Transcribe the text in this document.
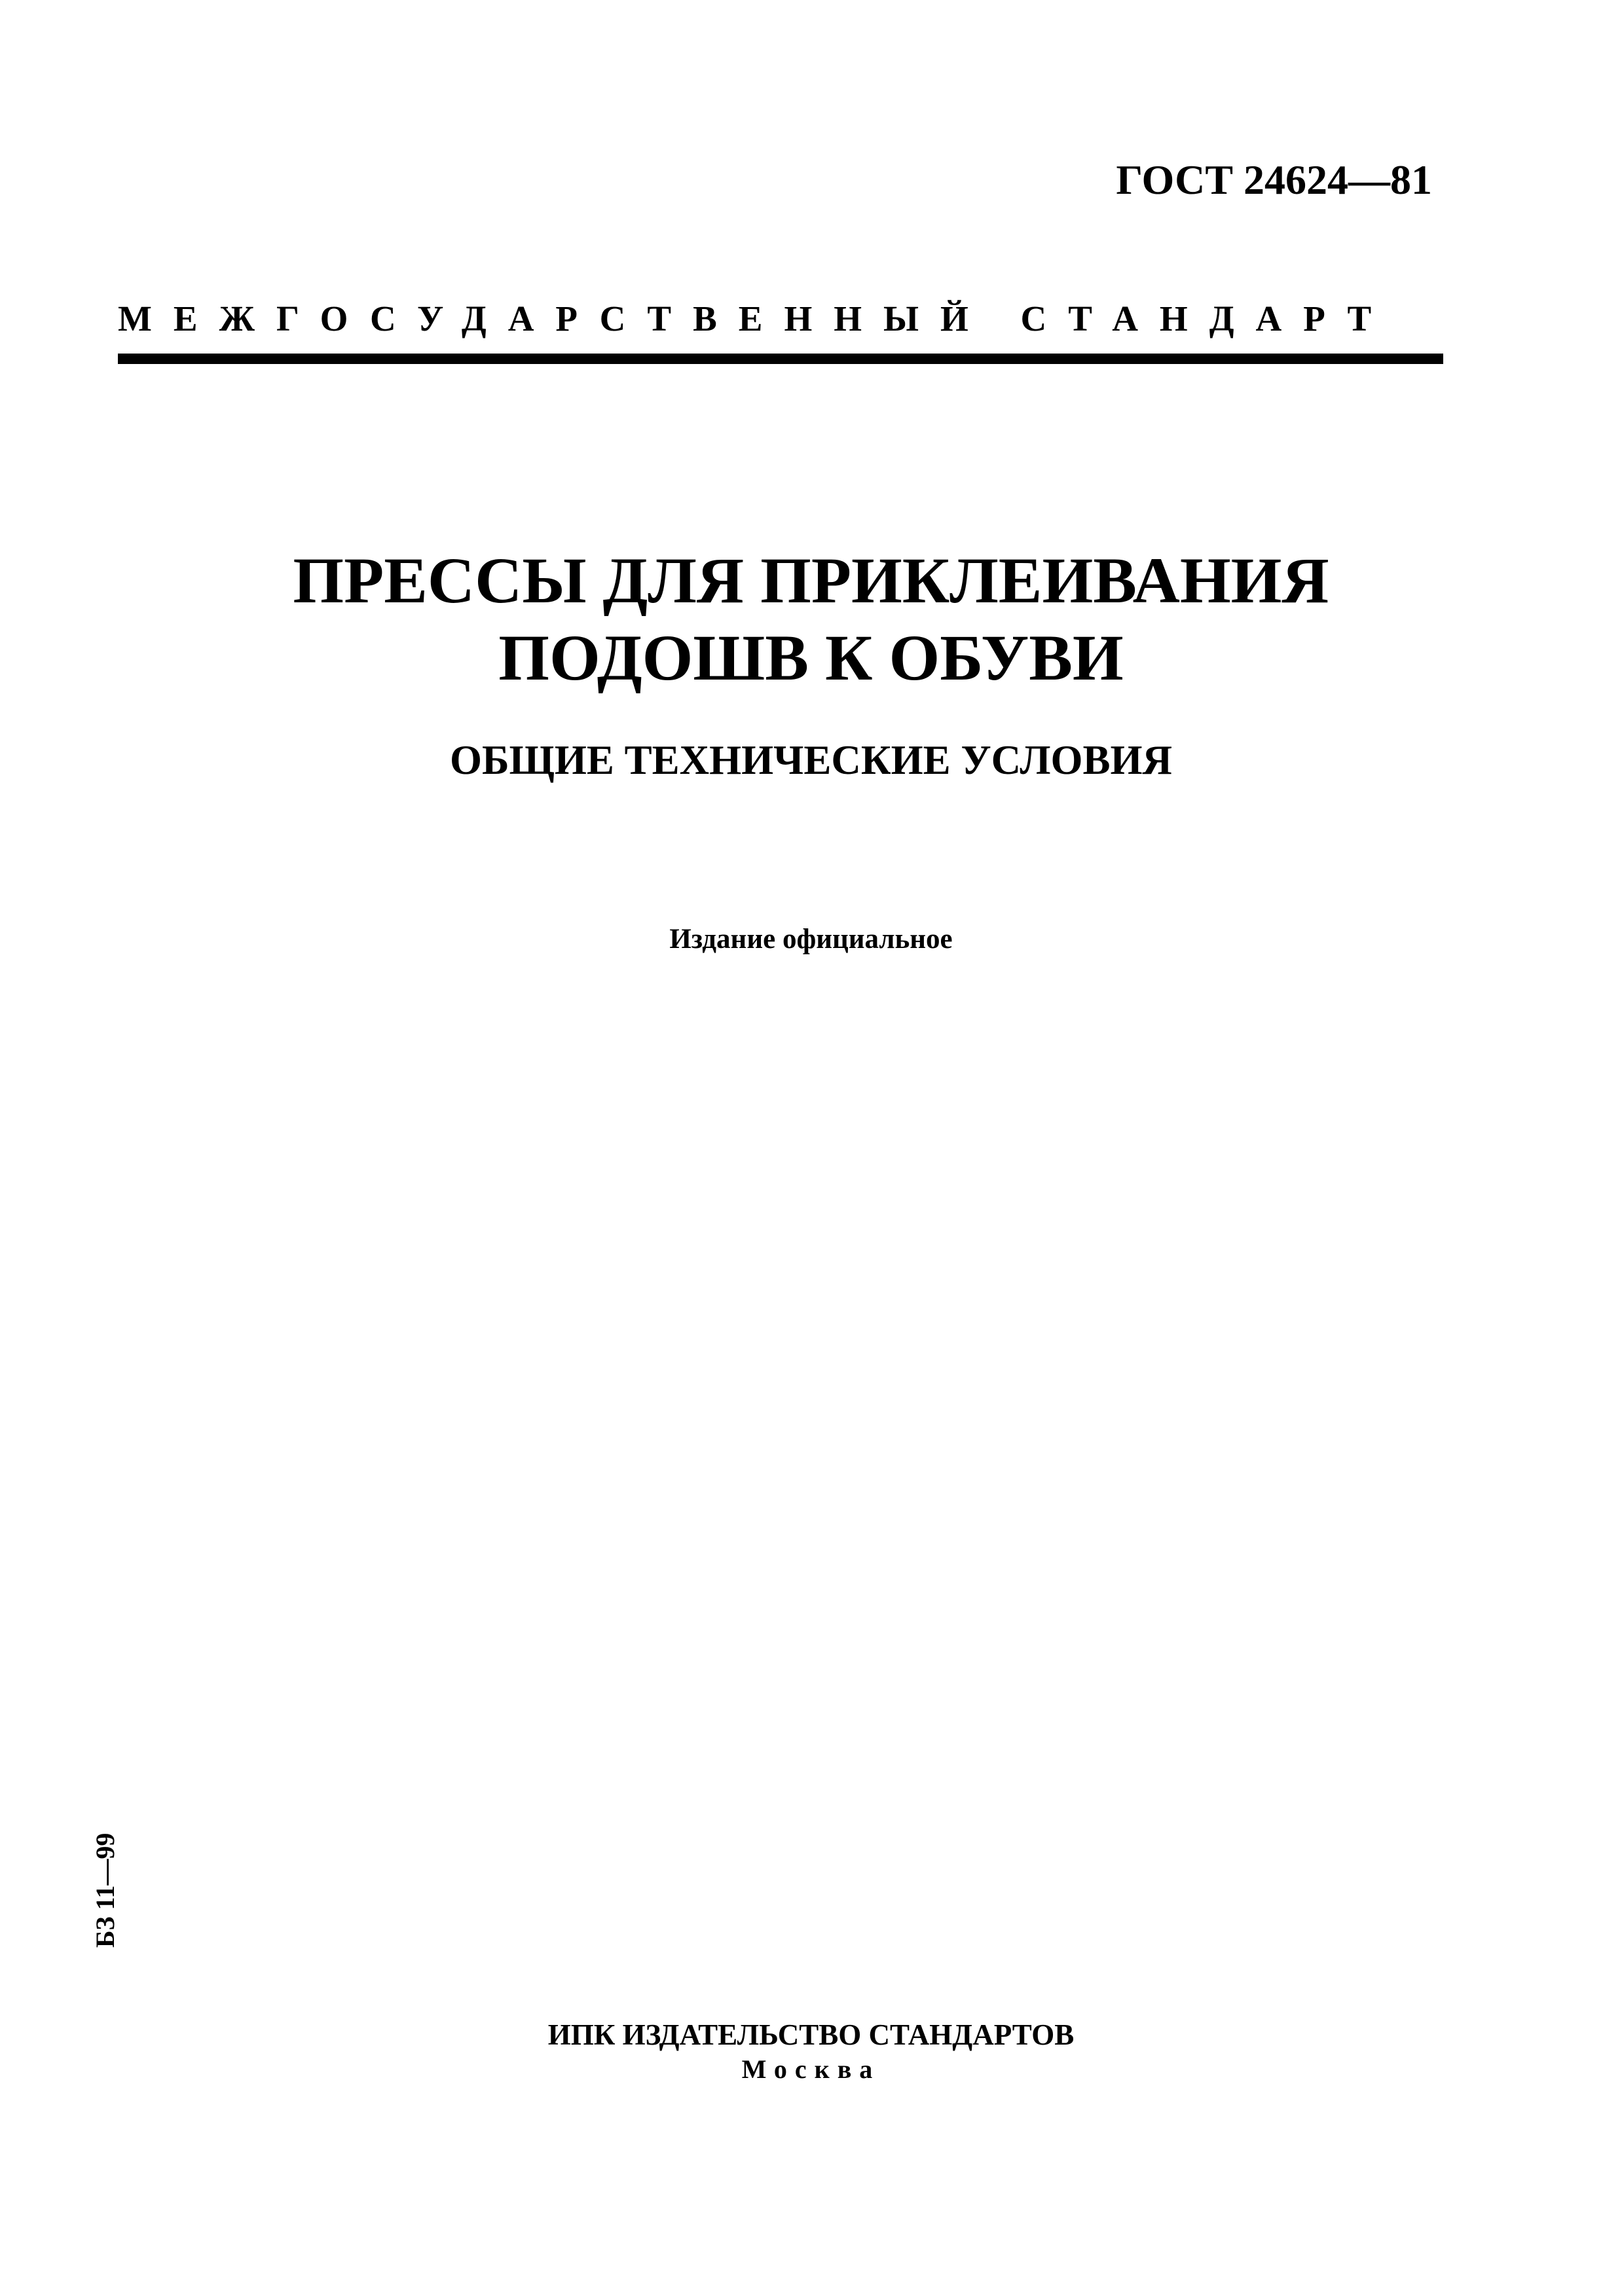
ГОСТ 24624—81
МЕЖГОСУДАРСТВЕННЫЙ СТАНДАРТ
ПРЕССЫ ДЛЯ ПРИКЛЕИВАНИЯ
ПОДОШВ К ОБУВИ
ОБЩИЕ ТЕХНИЧЕСКИЕ УСЛОВИЯ
Издание официальное
БЗ 11—99
ИПК ИЗДАТЕЛЬСТВО СТАНДАРТОВ
Москва
